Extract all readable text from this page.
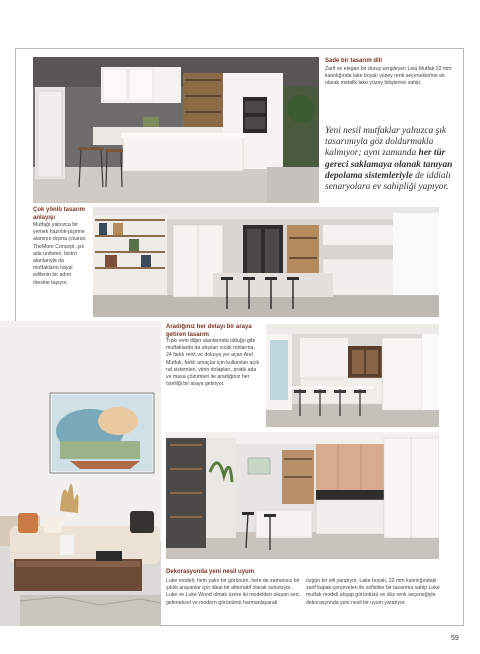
Sade bir tasarım dili
Zarif ve elegan bir duruş sergileyen Leia Mutfak 22 mm kalınlığında lake boyalı yüzey renk seçeneklerine ek olarak metalik lake yüzey bitişlerine sahip.
Yeni nesil mutfaklar yalnızca şık tasarımıyla göz doldurmakla kalmıyor; aynı zamanda her tür gereci saklamaya olanak tanıyan depolama sistemleriyle de iddialı senaryolara ev sahipliği yapıyor.
Çok yönlü tasarım anlayışı
Mutfağı yalnızca bir yemek hazırlık-pişirme alanının dışına çıkaran TheMore Concept, şık ada üniteleri, bistro alanlarıyla da mutfakların hayal edilenin bir adım ötesine taşıyor.
Aradığınız her detayı bir araya getiren tasarım
Tıpkı evin diğer alanlarında olduğu gibi mutfaklarda da alışılan sıcak tonlarına, 24 farklı renk ve dokuya yer açan Arel Mutfak, farklı amaçlar için kullanılan açık raf sistemleri, vitrin dolapları, pratik ada ve masa çözümleri ile aradığınız her özelliği bir araya getiriyor.
Dekorasyonda yeni nesil uyum
Luke modeli; hem yalın bir görünüm, hem de zamansız bir şıklık arayanlar için ideal bir alternatif olarak sunuluyor. Luke ve Luke Wood olmak üzere iki modelden oluşan seri, geleneksel ve modern görünümü harmanlayarak
özgün bir stil yaratıyor. Lake boyalı, 22 mm kalınlığındaki zarif kapak çerçeveleri ile sofistike bir tasarıma sahip Luke mutfak modeli ahşap görüntüsü ve düz renk seçeneğiyle dekorasyonda yeni nesil bir uyum yaratıyor.
59
